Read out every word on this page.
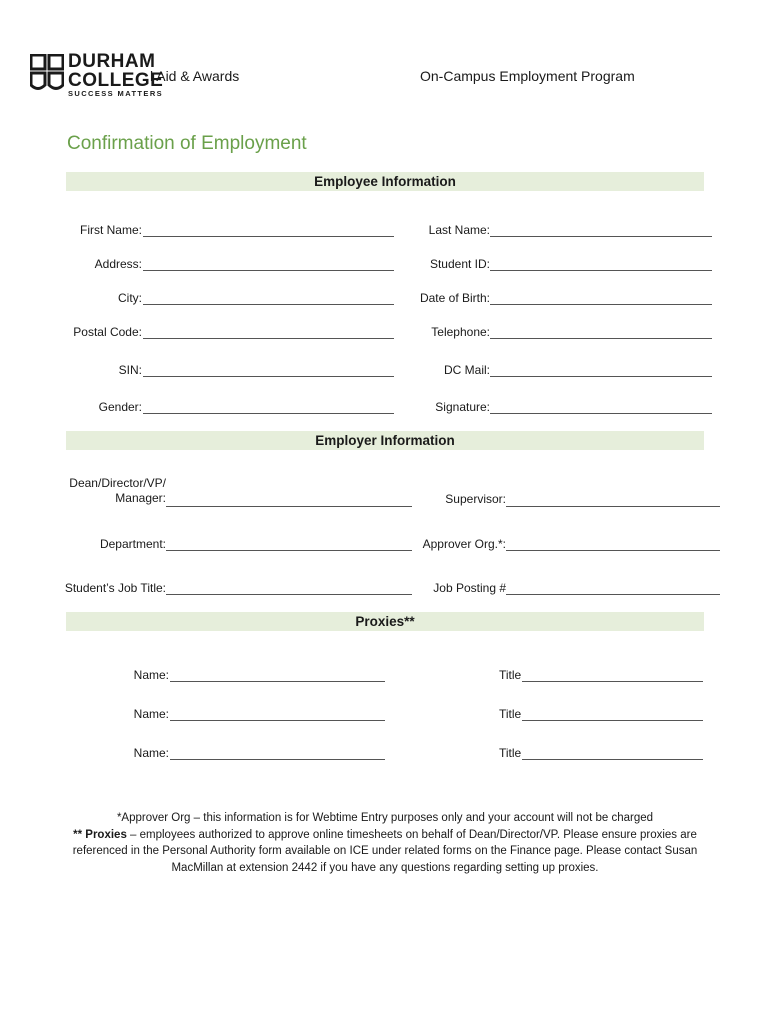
DURHAM
COLLEGE
SUCCESS MATTERS
l Aid & Awards	On-Campus Employment Program
Confirmation of Employment
Employee Information
First Name:	Last Name:
Address:	Student ID:
City:	Date of Birth:
Postal Code:	Telephone:
SIN:	DC Mail:
Gender:	Signature:
Employer Information
Dean/Director/VP/
Manager:	Supervisor:
Department:	Approver Org.*:
Student’s Job Title:	Job Posting #
Proxies**
Name:	Title
Name:	Title
Name:	Title
*Approver Org – this information is for Webtime Entry purposes only and your account will not be charged
** Proxies – employees authorized to approve online timesheets on behalf of Dean/Director/VP. Please ensure proxies are referenced in the Personal Authority form available on ICE under related forms on the Finance page. Please contact Susan MacMillan at extension 2442 if you have any questions regarding setting up proxies.
